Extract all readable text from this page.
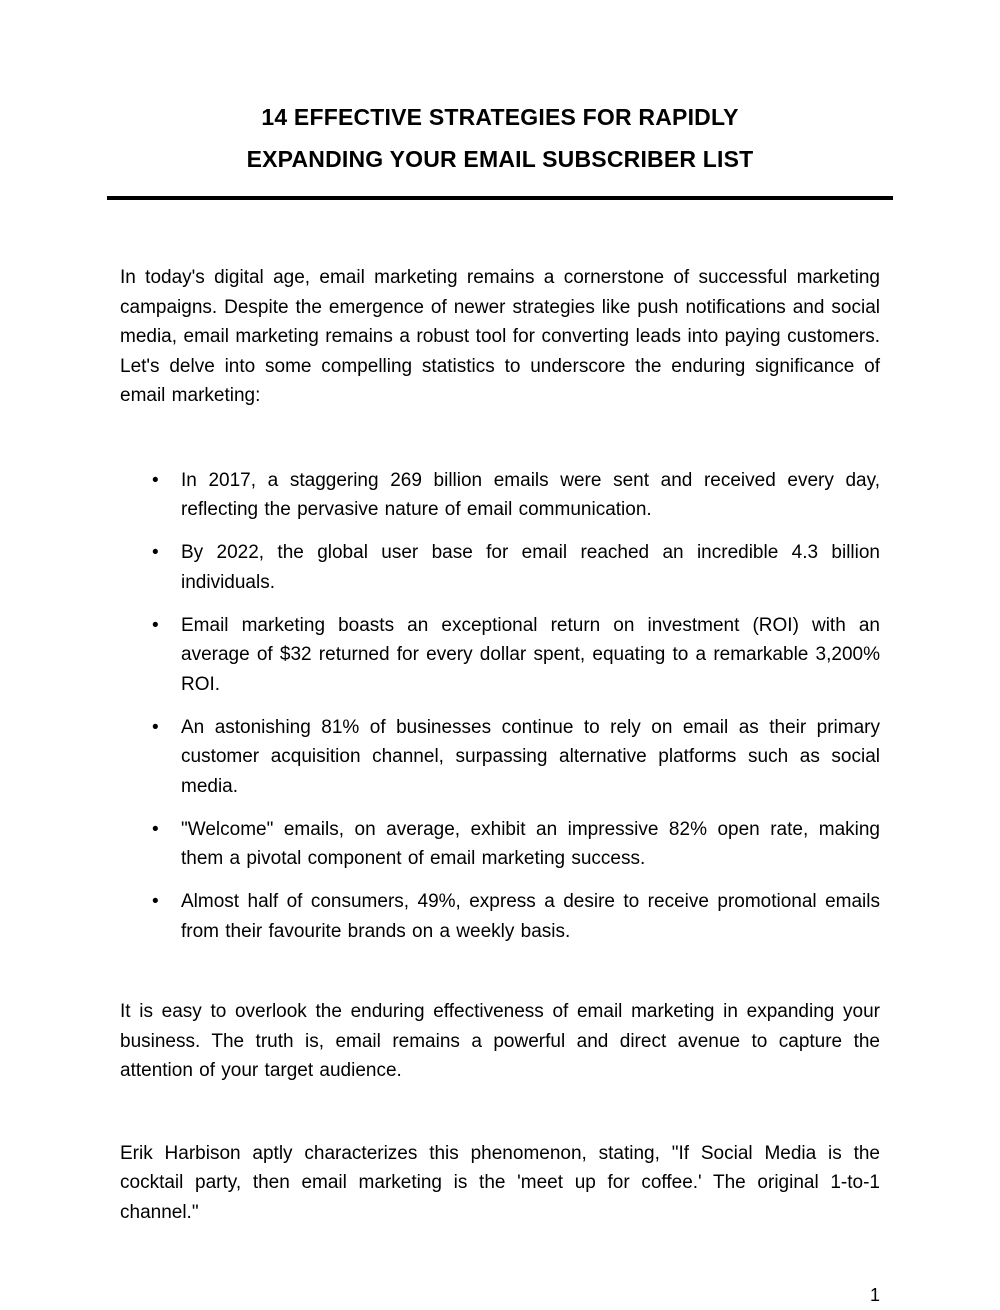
14 EFFECTIVE STRATEGIES FOR RAPIDLY
EXPANDING YOUR EMAIL SUBSCRIBER LIST

In today's digital age, email marketing remains a cornerstone of successful marketing campaigns. Despite the emergence of newer strategies like push notifications and social media, email marketing remains a robust tool for converting leads into paying customers. Let's delve into some compelling statistics to underscore the enduring significance of email marketing:

• In 2017, a staggering 269 billion emails were sent and received every day, reflecting the pervasive nature of email communication.
• By 2022, the global user base for email reached an incredible 4.3 billion individuals.
• Email marketing boasts an exceptional return on investment (ROI) with an average of $32 returned for every dollar spent, equating to a remarkable 3,200% ROI.
• An astonishing 81% of businesses continue to rely on email as their primary customer acquisition channel, surpassing alternative platforms such as social media.
• "Welcome" emails, on average, exhibit an impressive 82% open rate, making them a pivotal component of email marketing success.
• Almost half of consumers, 49%, express a desire to receive promotional emails from their favourite brands on a weekly basis.

It is easy to overlook the enduring effectiveness of email marketing in expanding your business. The truth is, email remains a powerful and direct avenue to capture the attention of your target audience.

Erik Harbison aptly characterizes this phenomenon, stating, "If Social Media is the cocktail party, then email marketing is the 'meet up for coffee.' The original 1-to-1 channel."

1
